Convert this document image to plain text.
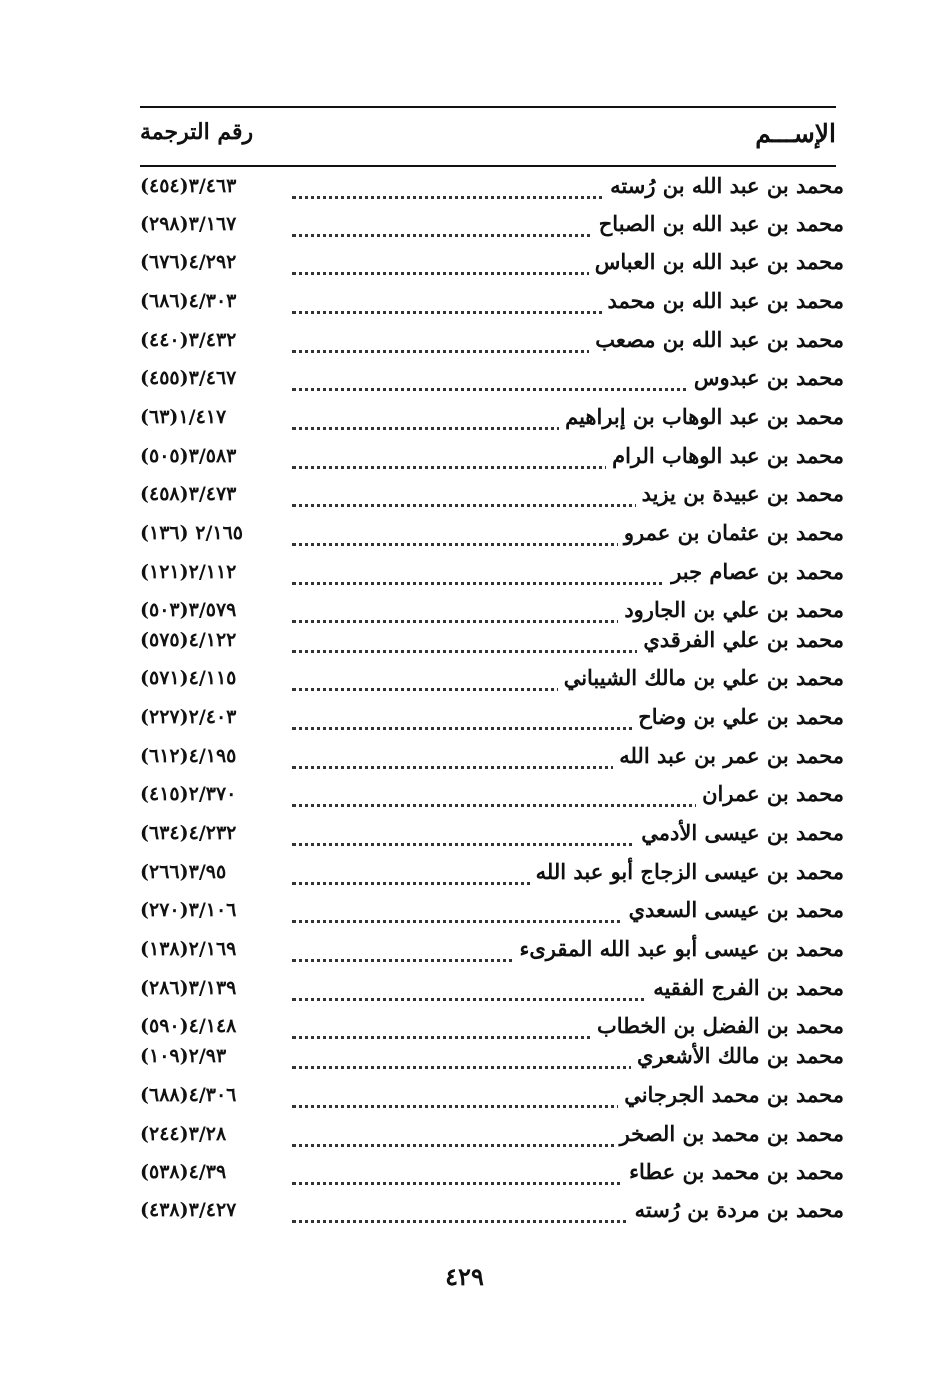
الإســـم
رقم الترجمة
محمد بن عبد الله بن رُسته
٣/٤٦٣(٤٥٤)
محمد بن عبد الله بن الصباح
٣/١٦٧(٢٩٨)
محمد بن عبد الله بن العباس
٤/٢٩٢(٦٧٦)
محمد بن عبد الله بن محمد
٤/٣٠٣(٦٨٦)
محمد بن عبد الله بن مصعب
٣/٤٣٢(٤٤٠)
محمد بن عبدوس
٣/٤٦٧(٤٥٥)
محمد بن عبد الوهاب بن إبراهيم
١/٤١٧(٦٣)
محمد بن عبد الوهاب الرام
٣/٥٨٣(٥٠٥)
محمد بن عبيدة بن يزيد
٣/٤٧٣(٤٥٨)
محمد بن عثمان بن عمرو
٢/١٦٥ (١٣٦)
محمد بن عصام جبر
٢/١١٢(١٢١)
محمد بن علي بن الجارود
٣/٥٧٩(٥٠٣)
محمد بن علي الفرقدي
٤/١٢٢(٥٧٥)
محمد بن علي بن مالك الشيباني
٤/١١٥(٥٧١)
محمد بن علي بن وضاح
٢/٤٠٣(٢٢٧)
محمد بن عمر بن عبد الله
٤/١٩٥(٦١٢)
محمد بن عمران
٢/٣٧٠(٤١٥)
محمد بن عيسى الأدمي
٤/٢٣٢(٦٣٤)
محمد بن عيسى الزجاج أبو عبد الله
٣/٩٥(٢٦٦)
محمد بن عيسى السعدي
٣/١٠٦(٢٧٠)
محمد بن عيسى أبو عبد الله المقرىء
٢/١٦٩(١٣٨)
محمد بن الفرج الفقيه
٣/١٣٩(٢٨٦)
محمد بن الفضل بن الخطاب
٤/١٤٨(٥٩٠)
محمد بن مالك الأشعري
٢/٩٣(١٠٩)
محمد بن محمد الجرجاني
٤/٣٠٦(٦٨٨)
محمد بن محمد بن الصخر
٣/٢٨(٢٤٤)
محمد بن محمد بن عطاء
٤/٣٩(٥٣٨)
محمد بن مردة بن رُسته
٣/٤٢٧(٤٣٨)
٤٢٩
